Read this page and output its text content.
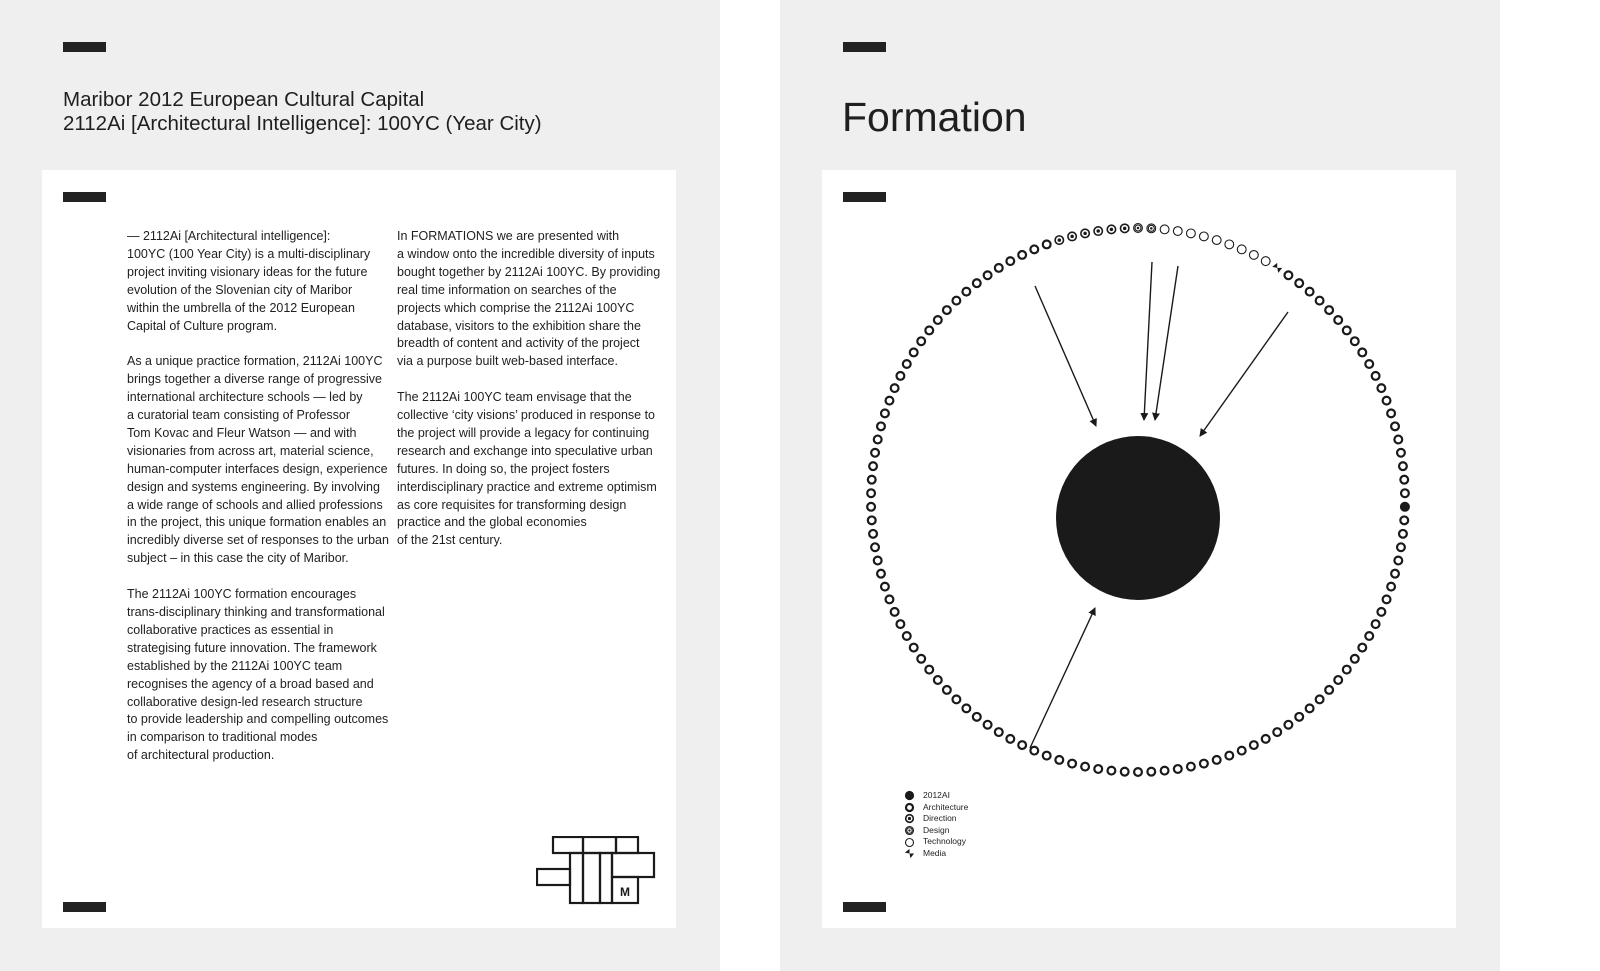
Maribor 2012 European Cultural Capital
2112Ai [Architectural Intelligence]: 100YC (Year City)

— 2112Ai [Architectural intelligence]:
100YC (100 Year City) is a multi-disciplinary
project inviting visionary ideas for the future
evolution of the Slovenian city of Maribor
within the umbrella of the 2012 European
Capital of Culture program.

As a unique practice formation, 2112Ai 100YC
brings together a diverse range of progressive
international architecture schools — led by
a curatorial team consisting of Professor
Tom Kovac and Fleur Watson — and with
visionaries from across art, material science,
human-computer interfaces design, experience
design and systems engineering. By involving
a wide range of schools and allied professions
in the project, this unique formation enables an
incredibly diverse set of responses to the urban
subject – in this case the city of Maribor.

The 2112Ai 100YC formation encourages
trans-disciplinary thinking and transformational
collaborative practices as essential in
strategising future innovation. The framework
established by the 2112Ai 100YC team
recognises the agency of a broad based and
collaborative design-led research structure
to provide leadership and compelling outcomes
in comparison to traditional modes
of architectural production.

In FORMATIONS we are presented with
a window onto the incredible diversity of inputs
bought together by 2112Ai 100YC. By providing
real time information on searches of the
projects which comprise the 2112Ai 100YC
database, visitors to the exhibition share the
breadth of content and activity of the project
via a purpose built web-based interface.

The 2112Ai 100YC team envisage that the
collective ‘city visions’ produced in response to
the project will provide a legacy for continuing
research and exchange into speculative urban
futures. In doing so, the project fosters
interdisciplinary practice and extreme optimism
as core requisites for transforming design
practice and the global economies
of the 21st century.

M
Formation
2012AI
Architecture
Direction
Design
Technology
Media
